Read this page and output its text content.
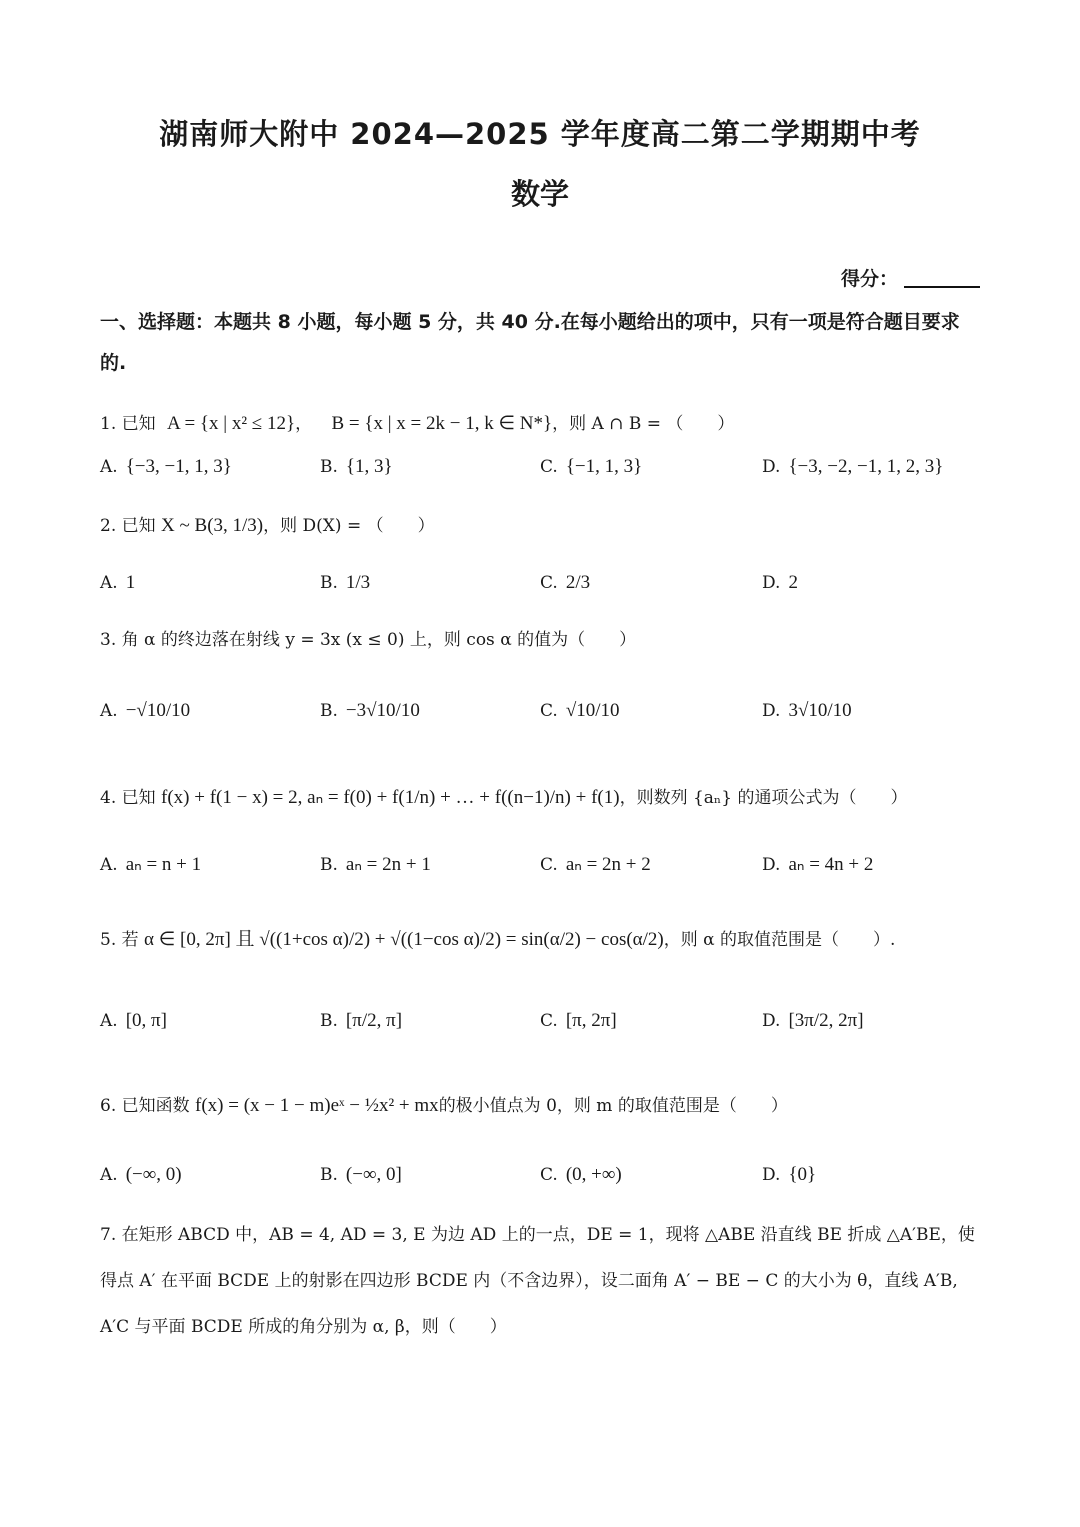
湖南师大附中 2024—2025 学年度高二第二学期期中考
数学
得分：
一、选择题：本题共 8 小题，每小题 5 分，共 40 分.在每小题给出的项中，只有一项是符合题目要求的.
1. 已知 A = {x | x² ≤ 12}， B = {x | x = 2k − 1, k ∈ N*}，则 A ∩ B = （　　）
A. {−3, −1, 1, 3}	B. {1, 3}	C. {−1, 1, 3}	D. {−3, −2, −1, 1, 2, 3}
2. 已知 X ~ B(3, 1/3)，则 D(X) = （　　）
A. 1	B. 1/3	C. 2/3	D. 2
3. 角 α 的终边落在射线 y = 3x (x ≤ 0) 上，则 cos α 的值为（　　）
A. −√10/10	B. −3√10/10	C. √10/10	D. 3√10/10
4. 已知 f(x) + f(1 − x) = 2, aₙ = f(0) + f(1/n) + … + f((n−1)/n) + f(1)，则数列 {aₙ} 的通项公式为（　　）
A. aₙ = n + 1	B. aₙ = 2n + 1	C. aₙ = 2n + 2	D. aₙ = 4n + 2
5. 若 α ∈ [0, 2π] 且 √((1+cos α)/2) + √((1−cos α)/2) = sin(α/2) − cos(α/2)，则 α 的取值范围是（　　）.
A. [0, π]	B. [π/2, π]	C. [π, 2π]	D. [3π/2, 2π]
6. 已知函数 f(x) = (x − 1 − m)eˣ − ½x² + mx的极小值点为 0，则 m 的取值范围是（　　）
A. (−∞, 0)	B. (−∞, 0]	C. (0, +∞)	D. {0}
7. 在矩形 ABCD 中，AB = 4, AD = 3, E 为边 AD 上的一点，DE = 1，现将 △ABE 沿直线 BE 折成 △A′BE，使得点 A′ 在平面 BCDE 上的射影在四边形 BCDE 内（不含边界），设二面角 A′ − BE − C 的大小为 θ，直线 A′B, A′C 与平面 BCDE 所成的角分别为 α, β，则（　　）
